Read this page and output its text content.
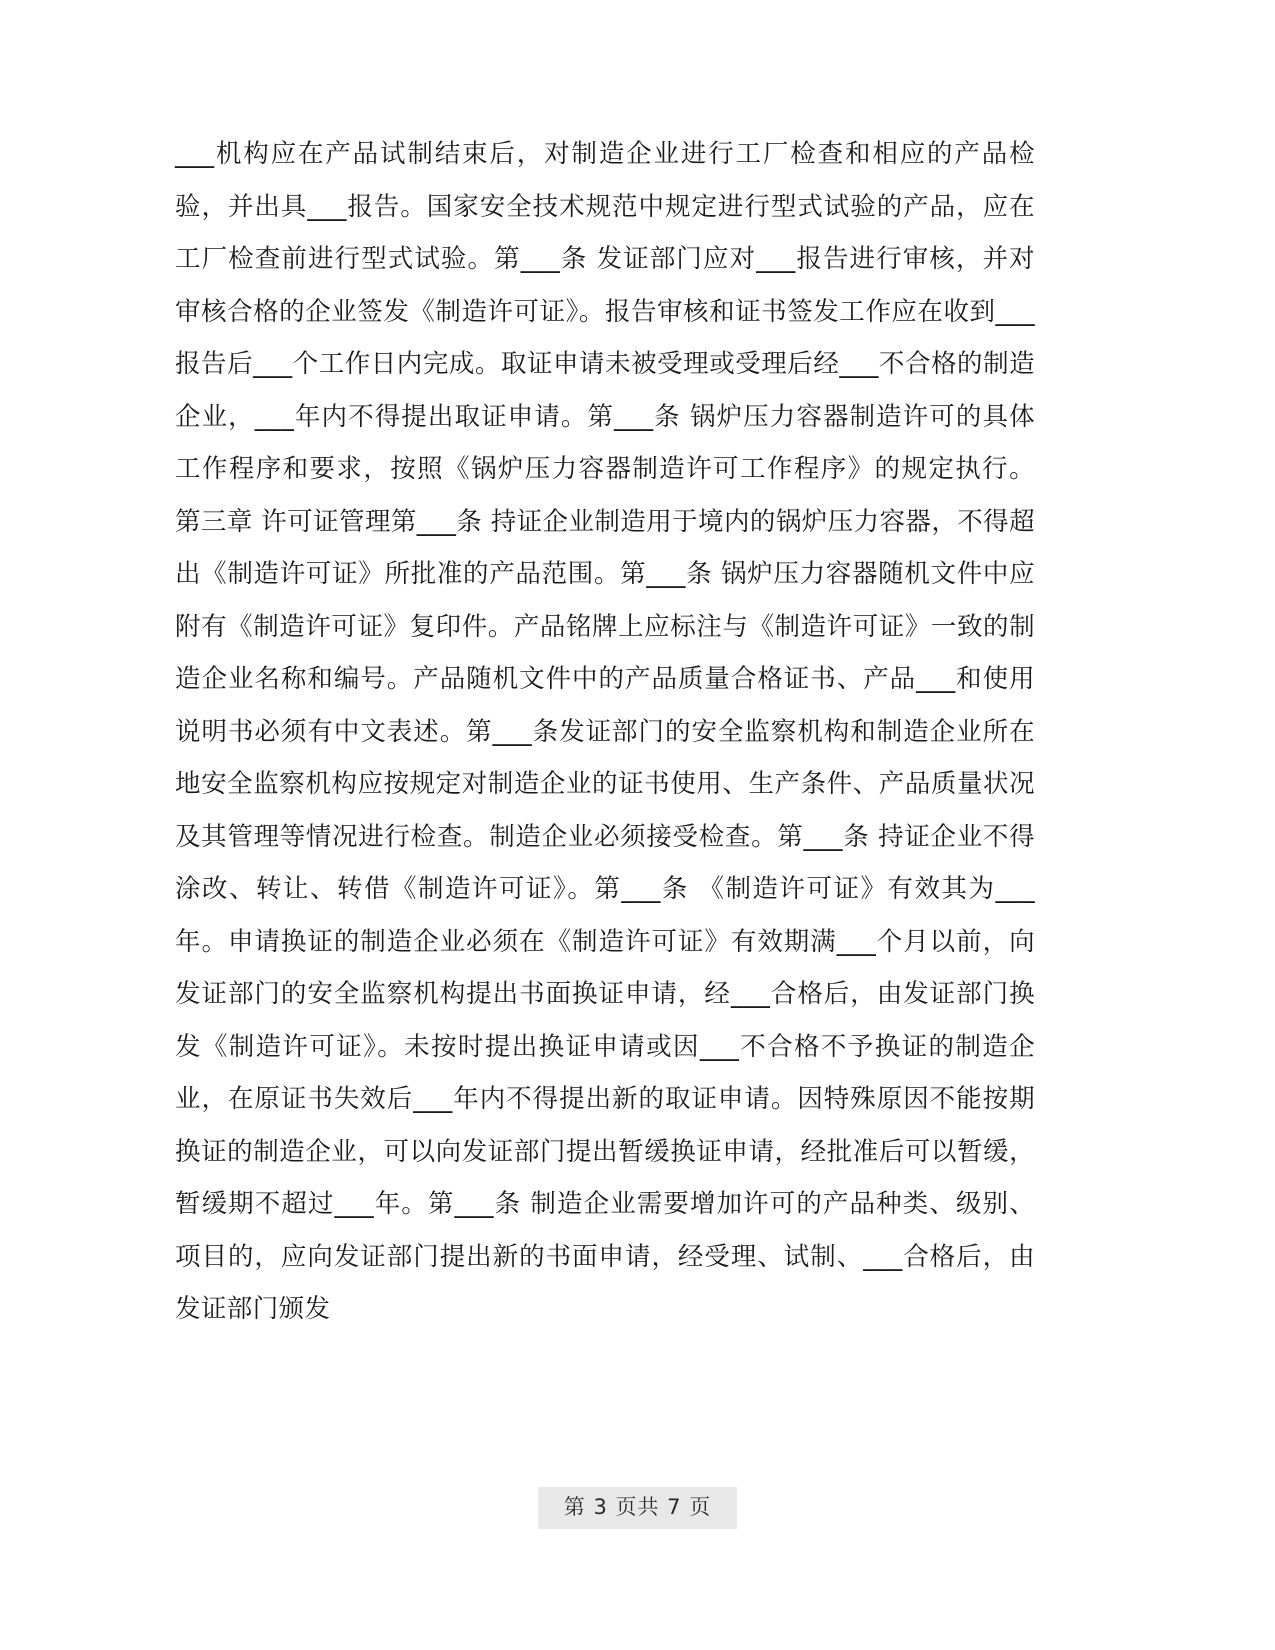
___机构应在产品试制结束后，对制造企业进行工厂检查和相应的产品检验，并出具___报告。国家安全技术规范中规定进行型式试验的产品，应在工厂检查前进行型式试验。第___条 发证部门应对___报告进行审核，并对审核合格的企业签发《制造许可证》。报告审核和证书签发工作应在收到___报告后___个工作日内完成。取证申请未被受理或受理后经___不合格的制造企业，___年内不得提出取证申请。第___条 锅炉压力容器制造许可的具体工作程序和要求，按照《锅炉压力容器制造许可工作程序》的规定执行。 第三章 许可证管理第___条 持证企业制造用于境内的锅炉压力容器，不得超出《制造许可证》所批准的产品范围。第___条 锅炉压力容器随机文件中应附有《制造许可证》复印件。产品铭牌上应标注与《制造许可证》一致的制造企业名称和编号。产品随机文件中的产品质量合格证书、产品___和使用说明书必须有中文表述。第___条发证部门的安全监察机构和制造企业所在地安全监察机构应按规定对制造企业的证书使用、生产条件、产品质量状况及其管理等情况进行检查。制造企业必须接受检查。第___条 持证企业不得涂改、转让、转借《制造许可证》。第___条 《制造许可证》有效其为___年。申请换证的制造企业必须在《制造许可证》有效期满___个月以前，向发证部门的安全监察机构提出书面换证申请，经___合格后，由发证部门换发《制造许可证》。未按时提出换证申请或因___不合格不予换证的制造企业，在原证书失效后___年内不得提出新的取证申请。因特殊原因不能按期换证的制造企业，可以向发证部门提出暂缓换证申请，经批准后可以暂缓，暂缓期不超过___年。第___条 制造企业需要增加许可的产品种类、级别、项目的，应向发证部门提出新的书面申请，经受理、试制、___合格后，由发证部门颁发
第 3 页共 7 页
